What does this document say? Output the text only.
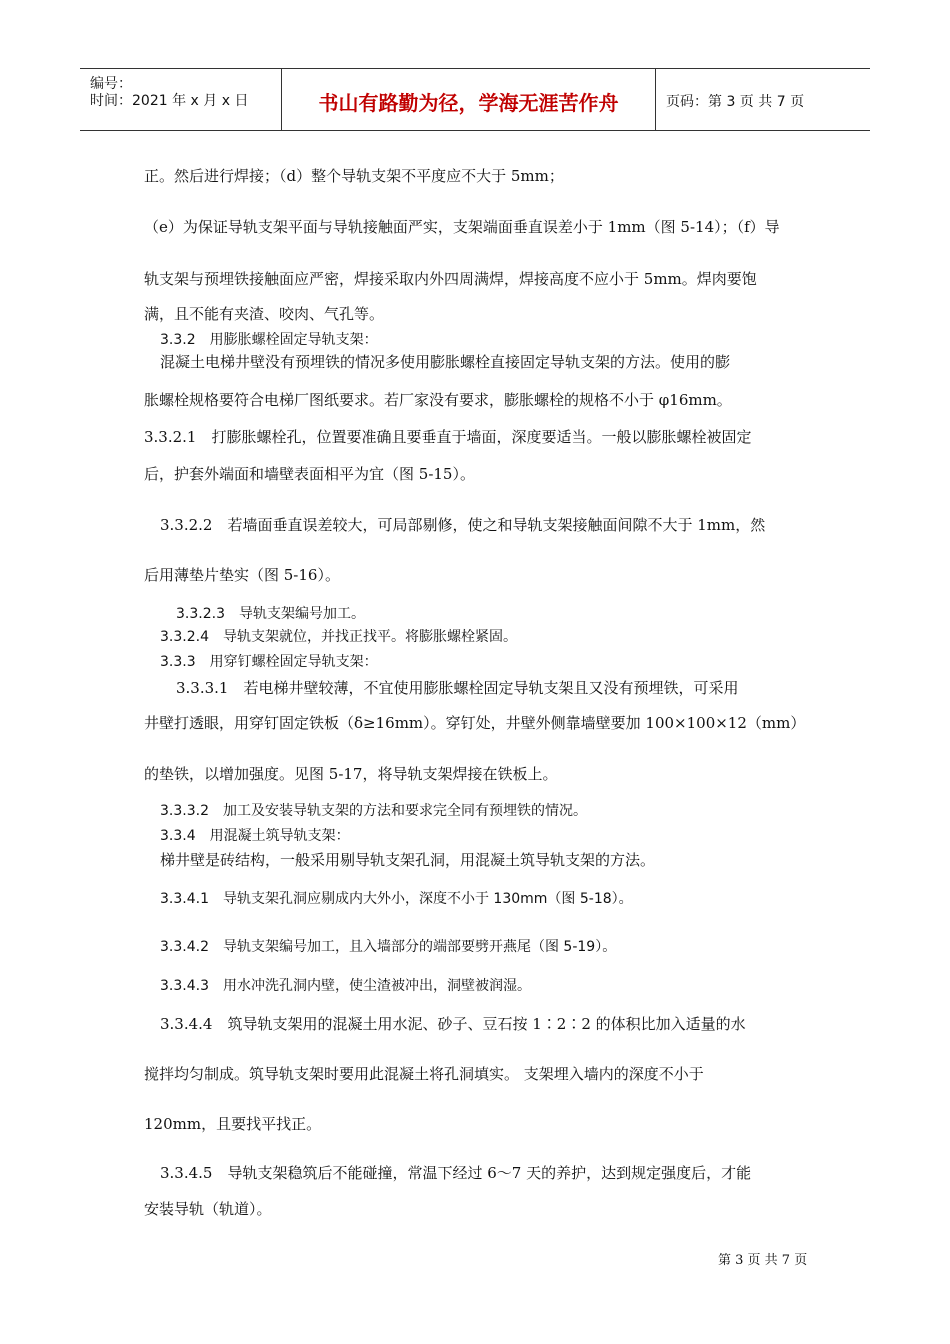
编号：
时间：2021 年 x 月 x 日	书山有路勤为径，学海无涯苦作舟	页码：第 3 页 共 7 页
正。然后进行焊接；（d）整个导轨支架不平度应不大于 5mm；
（e）为保证导轨支架平面与导轨接触面严实，支架端面垂直误差小于 1mm（图 5-14）；（f）导
轨支架与预埋铁接触面应严密，焊接采取内外四周满焊，焊接高度不应小于 5mm。焊肉要饱
满，且不能有夹渣、咬肉、气孔等。
3.3.2　用膨胀螺栓固定导轨支架：
混凝土电梯井壁没有预埋铁的情况多使用膨胀螺栓直接固定导轨支架的方法。使用的膨
胀螺栓规格要符合电梯厂图纸要求。若厂家没有要求，膨胀螺栓的规格不小于 φ16mm。
3.3.2.1　打膨胀螺栓孔，位置要准确且要垂直于墙面，深度要适当。一般以膨胀螺栓被固定
后，护套外端面和墙壁表面相平为宜（图 5-15）。
3.3.2.2　若墙面垂直误差较大，可局部剔修，使之和导轨支架接触面间隙不大于 1mm，然
后用薄垫片垫实（图 5-16）。
3.3.2.3　导轨支架编号加工。
3.3.2.4　导轨支架就位，并找正找平。将膨胀螺栓紧固。
3.3.3　用穿钉螺栓固定导轨支架：
3.3.3.1　若电梯井壁较薄，不宜使用膨胀螺栓固定导轨支架且又没有预埋铁，可采用
井壁打透眼，用穿钉固定铁板（δ≥16mm）。穿钉处，井壁外侧靠墙壁要加 100×100×12（mm）
的垫铁，以增加强度。见图 5-17，将导轨支架焊接在铁板上。
3.3.3.2　加工及安装导轨支架的方法和要求完全同有预埋铁的情况。
3.3.4　用混凝土筑导轨支架：
梯井壁是砖结构，一般采用剔导轨支架孔洞，用混凝土筑导轨支架的方法。
3.3.4.1　导轨支架孔洞应剔成内大外小，深度不小于 130mm（图 5-18）。
3.3.4.2　导轨支架编号加工，且入墙部分的端部要劈开燕尾（图 5-19）。
3.3.4.3　用水冲洗孔洞内壁，使尘渣被冲出，洞壁被润湿。
3.3.4.4　筑导轨支架用的混凝土用水泥、砂子、豆石按 1∶2∶2 的体积比加入适量的水
搅拌均匀制成。筑导轨支架时要用此混凝土将孔洞填实。 支架埋入墙内的深度不小于
120mm，且要找平找正。
3.3.4.5　导轨支架稳筑后不能碰撞，常温下经过 6～7 天的养护，达到规定强度后，才能
安装导轨（轨道）。
第 3 页 共 7 页
